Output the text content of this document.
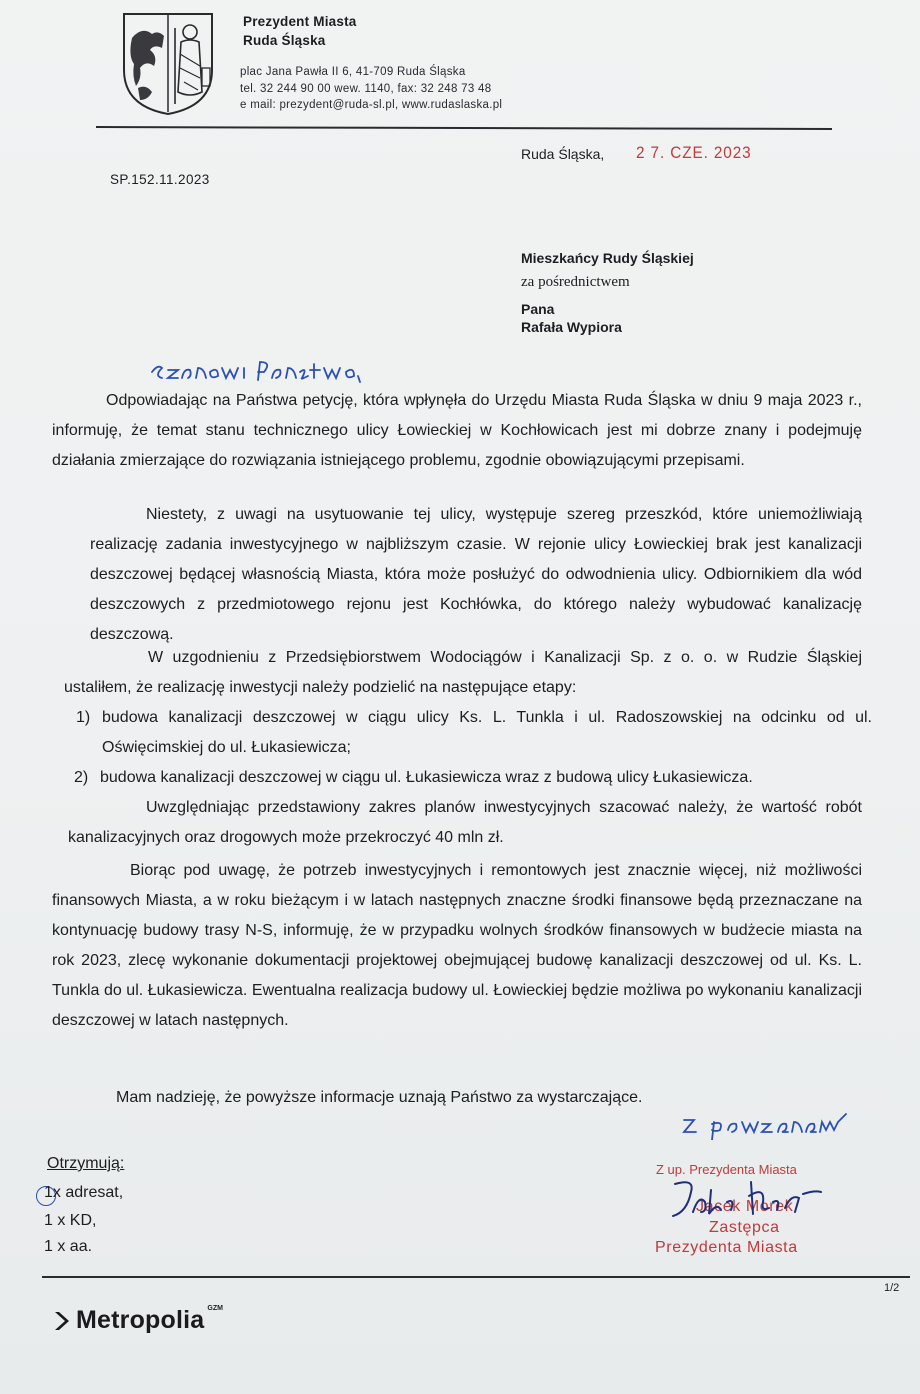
Prezydent Miasta
Ruda Śląska
plac Jana Pawła II 6, 41-709 Ruda Śląska
tel. 32 244 90 00 wew. 1140, fax: 32 248 73 48
e mail: prezydent@ruda-sl.pl, www.rudaslaska.pl
Ruda Śląska, 2 7. CZE. 2023
SP.152.11.2023
Mieszkańcy Rudy Śląskiej
za pośrednictwem
Pana
Rafała Wypiora

Odpowiadając na Państwa petycję, która wpłynęła do Urzędu Miasta Ruda Śląska w dniu 9 maja 2023 r., informuję, że temat stanu technicznego ulicy Łowieckiej w Kochłowicach jest mi dobrze znany i podejmuję działania zmierzające do rozwiązania istniejącego problemu, zgodnie obowiązującymi przepisami.

Niestety, z uwagi na usytuowanie tej ulicy, występuje szereg przeszkód, które uniemożliwiają realizację zadania inwestycyjnego w najbliższym czasie. W rejonie ulicy Łowieckiej brak jest kanalizacji deszczowej będącej własnością Miasta, która może posłużyć do odwodnienia ulicy. Odbiornikiem dla wód deszczowych z przedmiotowego rejonu jest Kochłówka, do którego należy wybudować kanalizację deszczową.

W uzgodnieniu z Przedsiębiorstwem Wodociągów i Kanalizacji Sp. z o. o. w Rudzie Śląskiej ustaliłem, że realizację inwestycji należy podzielić na następujące etapy:

1) budowa kanalizacji deszczowej w ciągu ulicy Ks. L. Tunkla i ul. Radoszowskiej na odcinku od ul. Oświęcimskiej do ul. Łukasiewicza;

2) budowa kanalizacji deszczowej w ciągu ul. Łukasiewicza wraz z budową ulicy Łukasiewicza.

Uwzględniając przedstawiony zakres planów inwestycyjnych szacować należy, że wartość robót kanalizacyjnych oraz drogowych może przekroczyć 40 mln zł.

Biorąc pod uwagę, że potrzeb inwestycyjnych i remontowych jest znacznie więcej, niż możliwości finansowych Miasta, a w roku bieżącym i w latach następnych znaczne środki finansowe będą przeznaczane na kontynuację budowy trasy N-S, informuję, że w przypadku wolnych środków finansowych w budżecie miasta na rok 2023, zlecę wykonanie dokumentacji projektowej obejmującej budowę kanalizacji deszczowej od ul. Ks. L. Tunkla do ul. Łukasiewicza. Ewentualna realizacja budowy ul. Łowieckiej będzie możliwa po wykonaniu kanalizacji deszczowej w latach następnych.

Mam nadzieję, że powyższe informacje uznają Państwo za wystarczające.

Otrzymują:
1x adresat,
1 x KD,
1 x aa.
Z up. Prezydenta Miasta
Jacek Morek
Zastępca
Prezydenta Miasta
1/2
Metropolia GZM
